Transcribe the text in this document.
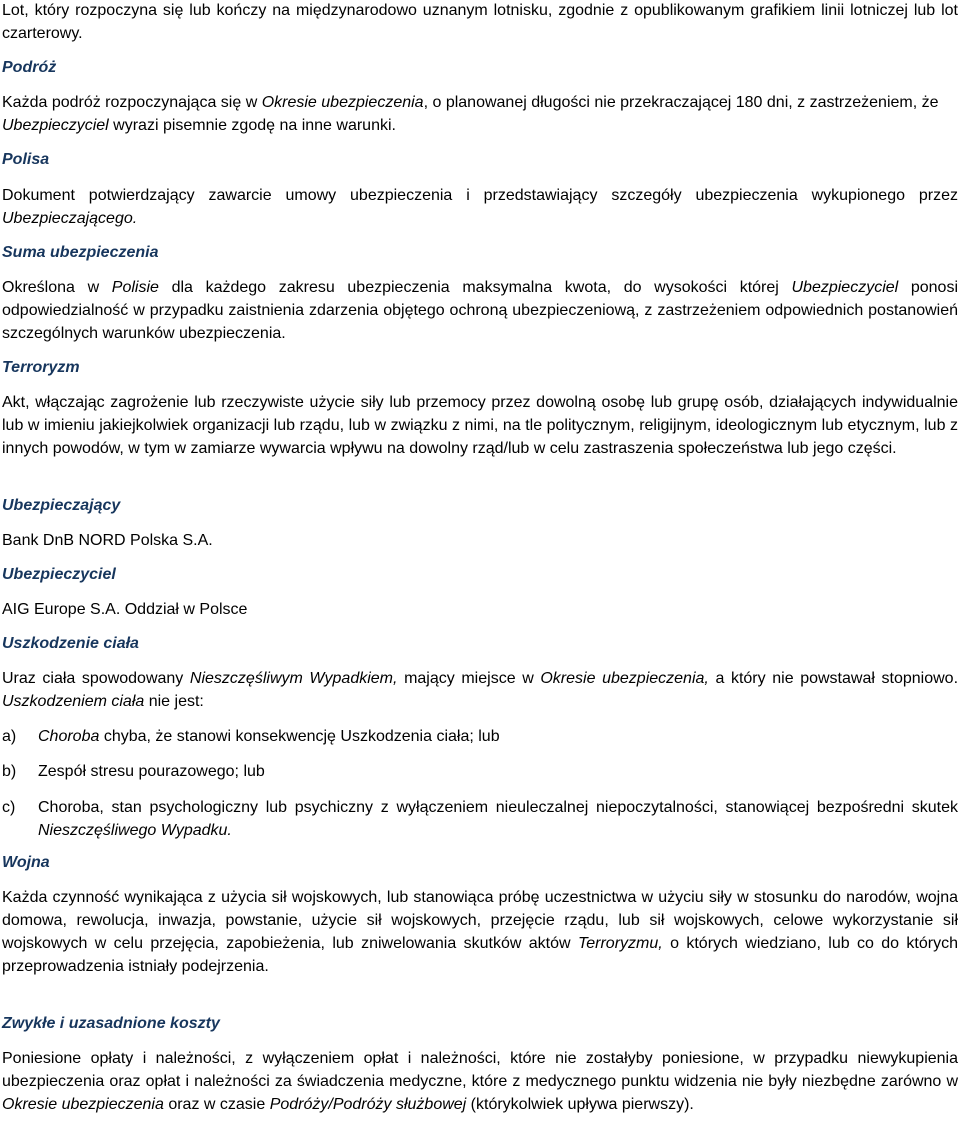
Lot, który rozpoczyna się lub kończy na międzynarodowo uznanym lotnisku, zgodnie z opublikowanym grafikiem linii lotniczej lub lot czarterowy.

Podróż

Każda podróż rozpoczynająca się w Okresie ubezpieczenia, o planowanej długości nie przekraczającej 180 dni, z zastrzeżeniem, że Ubezpieczyciel wyrazi pisemnie zgodę na inne warunki.

Polisa

Dokument potwierdzający zawarcie umowy ubezpieczenia i przedstawiający szczegóły ubezpieczenia wykupionego przez Ubezpieczającego.

Suma ubezpieczenia

Określona w Polisie dla każdego zakresu ubezpieczenia maksymalna kwota, do wysokości której Ubezpieczyciel ponosi odpowiedzialność w przypadku zaistnienia zdarzenia objętego ochroną ubezpieczeniową, z zastrzeżeniem odpowiednich postanowień szczególnych warunków ubezpieczenia.

Terroryzm

Akt, włączając zagrożenie lub rzeczywiste użycie siły lub przemocy przez dowolną osobę lub grupę osób, działających indywidualnie lub w imieniu jakiejkolwiek organizacji lub rządu, lub w związku z nimi, na tle politycznym, religijnym, ideologicznym lub etycznym, lub z innych powodów, w tym w zamiarze wywarcia wpływu na dowolny rząd/lub w celu zastraszenia społeczeństwa lub jego części.

Ubezpieczający

Bank DnB NORD Polska S.A.

Ubezpieczyciel

AIG Europe S.A. Oddział w Polsce

Uszkodzenie ciała

Uraz ciała spowodowany Nieszczęśliwym Wypadkiem, mający miejsce w Okresie ubezpieczenia, a który nie powstawał stopniowo. Uszkodzeniem ciała nie jest:

a) Choroba chyba, że stanowi konsekwencję Uszkodzenia ciała; lub
b) Zespół stresu pourazowego; lub
c) Choroba, stan psychologiczny lub psychiczny z wyłączeniem nieuleczalnej niepoczytalności, stanowiącej bezpośredni skutek Nieszczęśliwego Wypadku.
Wojna

Każda czynność wynikająca z użycia sił wojskowych, lub stanowiąca próbę uczestnictwa w użyciu siły w stosunku do narodów, wojna domowa, rewolucja, inwazja, powstanie, użycie sił wojskowych, przejęcie rządu, lub sił wojskowych, celowe wykorzystanie sił wojskowych w celu przejęcia, zapobieżenia, lub zniwelowania skutków aktów Terroryzmu, o których wiedziano, lub co do których przeprowadzenia istniały podejrzenia.

Zwykłe i uzasadnione koszty

Poniesione opłaty i należności, z wyłączeniem opłat i należności, które nie zostałyby poniesione, w przypadku niewykupienia ubezpieczenia oraz opłat i należności za świadczenia medyczne, które z medycznego punktu widzenia nie były niezbędne zarówno w Okresie ubezpieczenia oraz w czasie Podróży/Podróży służbowej (którykolwiek upływa pierwszy).
